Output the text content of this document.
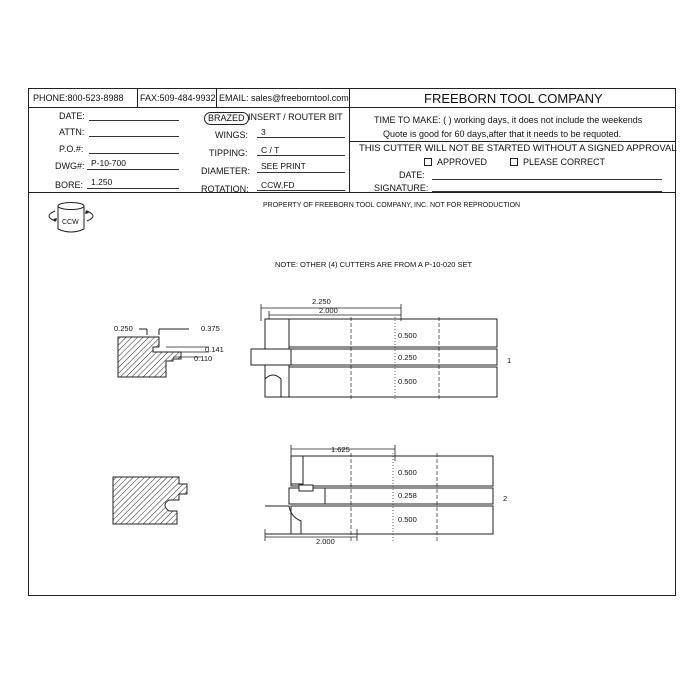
PHONE:800-523-8988 FAX:509-484-9932 EMAIL: sales@freeborntool.com	FREEBORN TOOL COMPANY
DATE:
ATTN:
P.O.#:
DWG#: P-10-700
BORE: 1.250
BRAZED INSERT / ROUTER BIT
WINGS: 3
TIPPING: C / T
DIAMETER: SEE PRINT
ROTATION: CCW,FD
TIME TO MAKE: ( ) working days, it does not include the weekends
Quote is good for 60 days,after that it needs to be requoted.
THIS CUTTER WILL NOT BE STARTED WITHOUT A SIGNED APPROVAL
APPROVED	PLEASE CORRECT
DATE:
SIGNATURE:
PROPERTY OF FREEBORN TOOL COMPANY, INC. NOT FOR REPRODUCTION
NOTE: OTHER (4) CUTTERS ARE FROM A P-10-020 SET
CCW
0.250	0.375
0.141
0.110
2.250
2.000
0.500
0.250
0.500
1
1.625
0.500
0.258
0.500
2
2.000
